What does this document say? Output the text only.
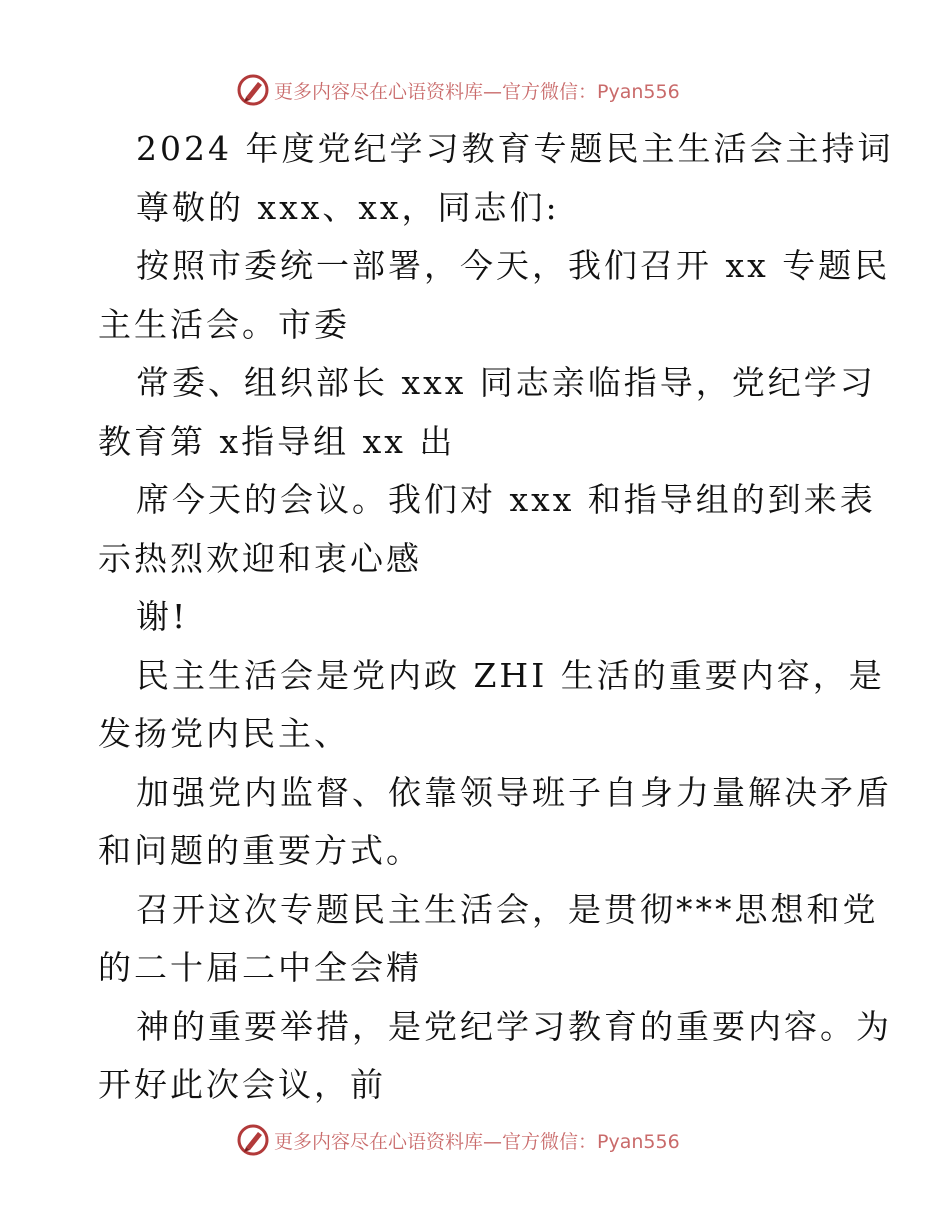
更多内容尽在心语资料库—官方微信：Pyan556
2024 年度党纪学习教育专题民主生活会主持词
尊敬的 xxx、xx，同志们:
按照市委统一部署，今天，我们召开 xx 专题民
主生活会。市委
常委、组织部长 xxx 同志亲临指导，党纪学习
教育第 x指导组 xx 出
席今天的会议。我们对 xxx 和指导组的到来表
示热烈欢迎和衷心感
谢!
民主生活会是党内政 ZHI 生活的重要内容，是
发扬党内民主、
加强党内监督、依靠领导班子自身力量解决矛盾
和问题的重要方式。
召开这次专题民主生活会，是贯彻***思想和党
的二十届二中全会精
神的重要举措，是党纪学习教育的重要内容。为
开好此次会议，前
更多内容尽在心语资料库—官方微信：Pyan556
